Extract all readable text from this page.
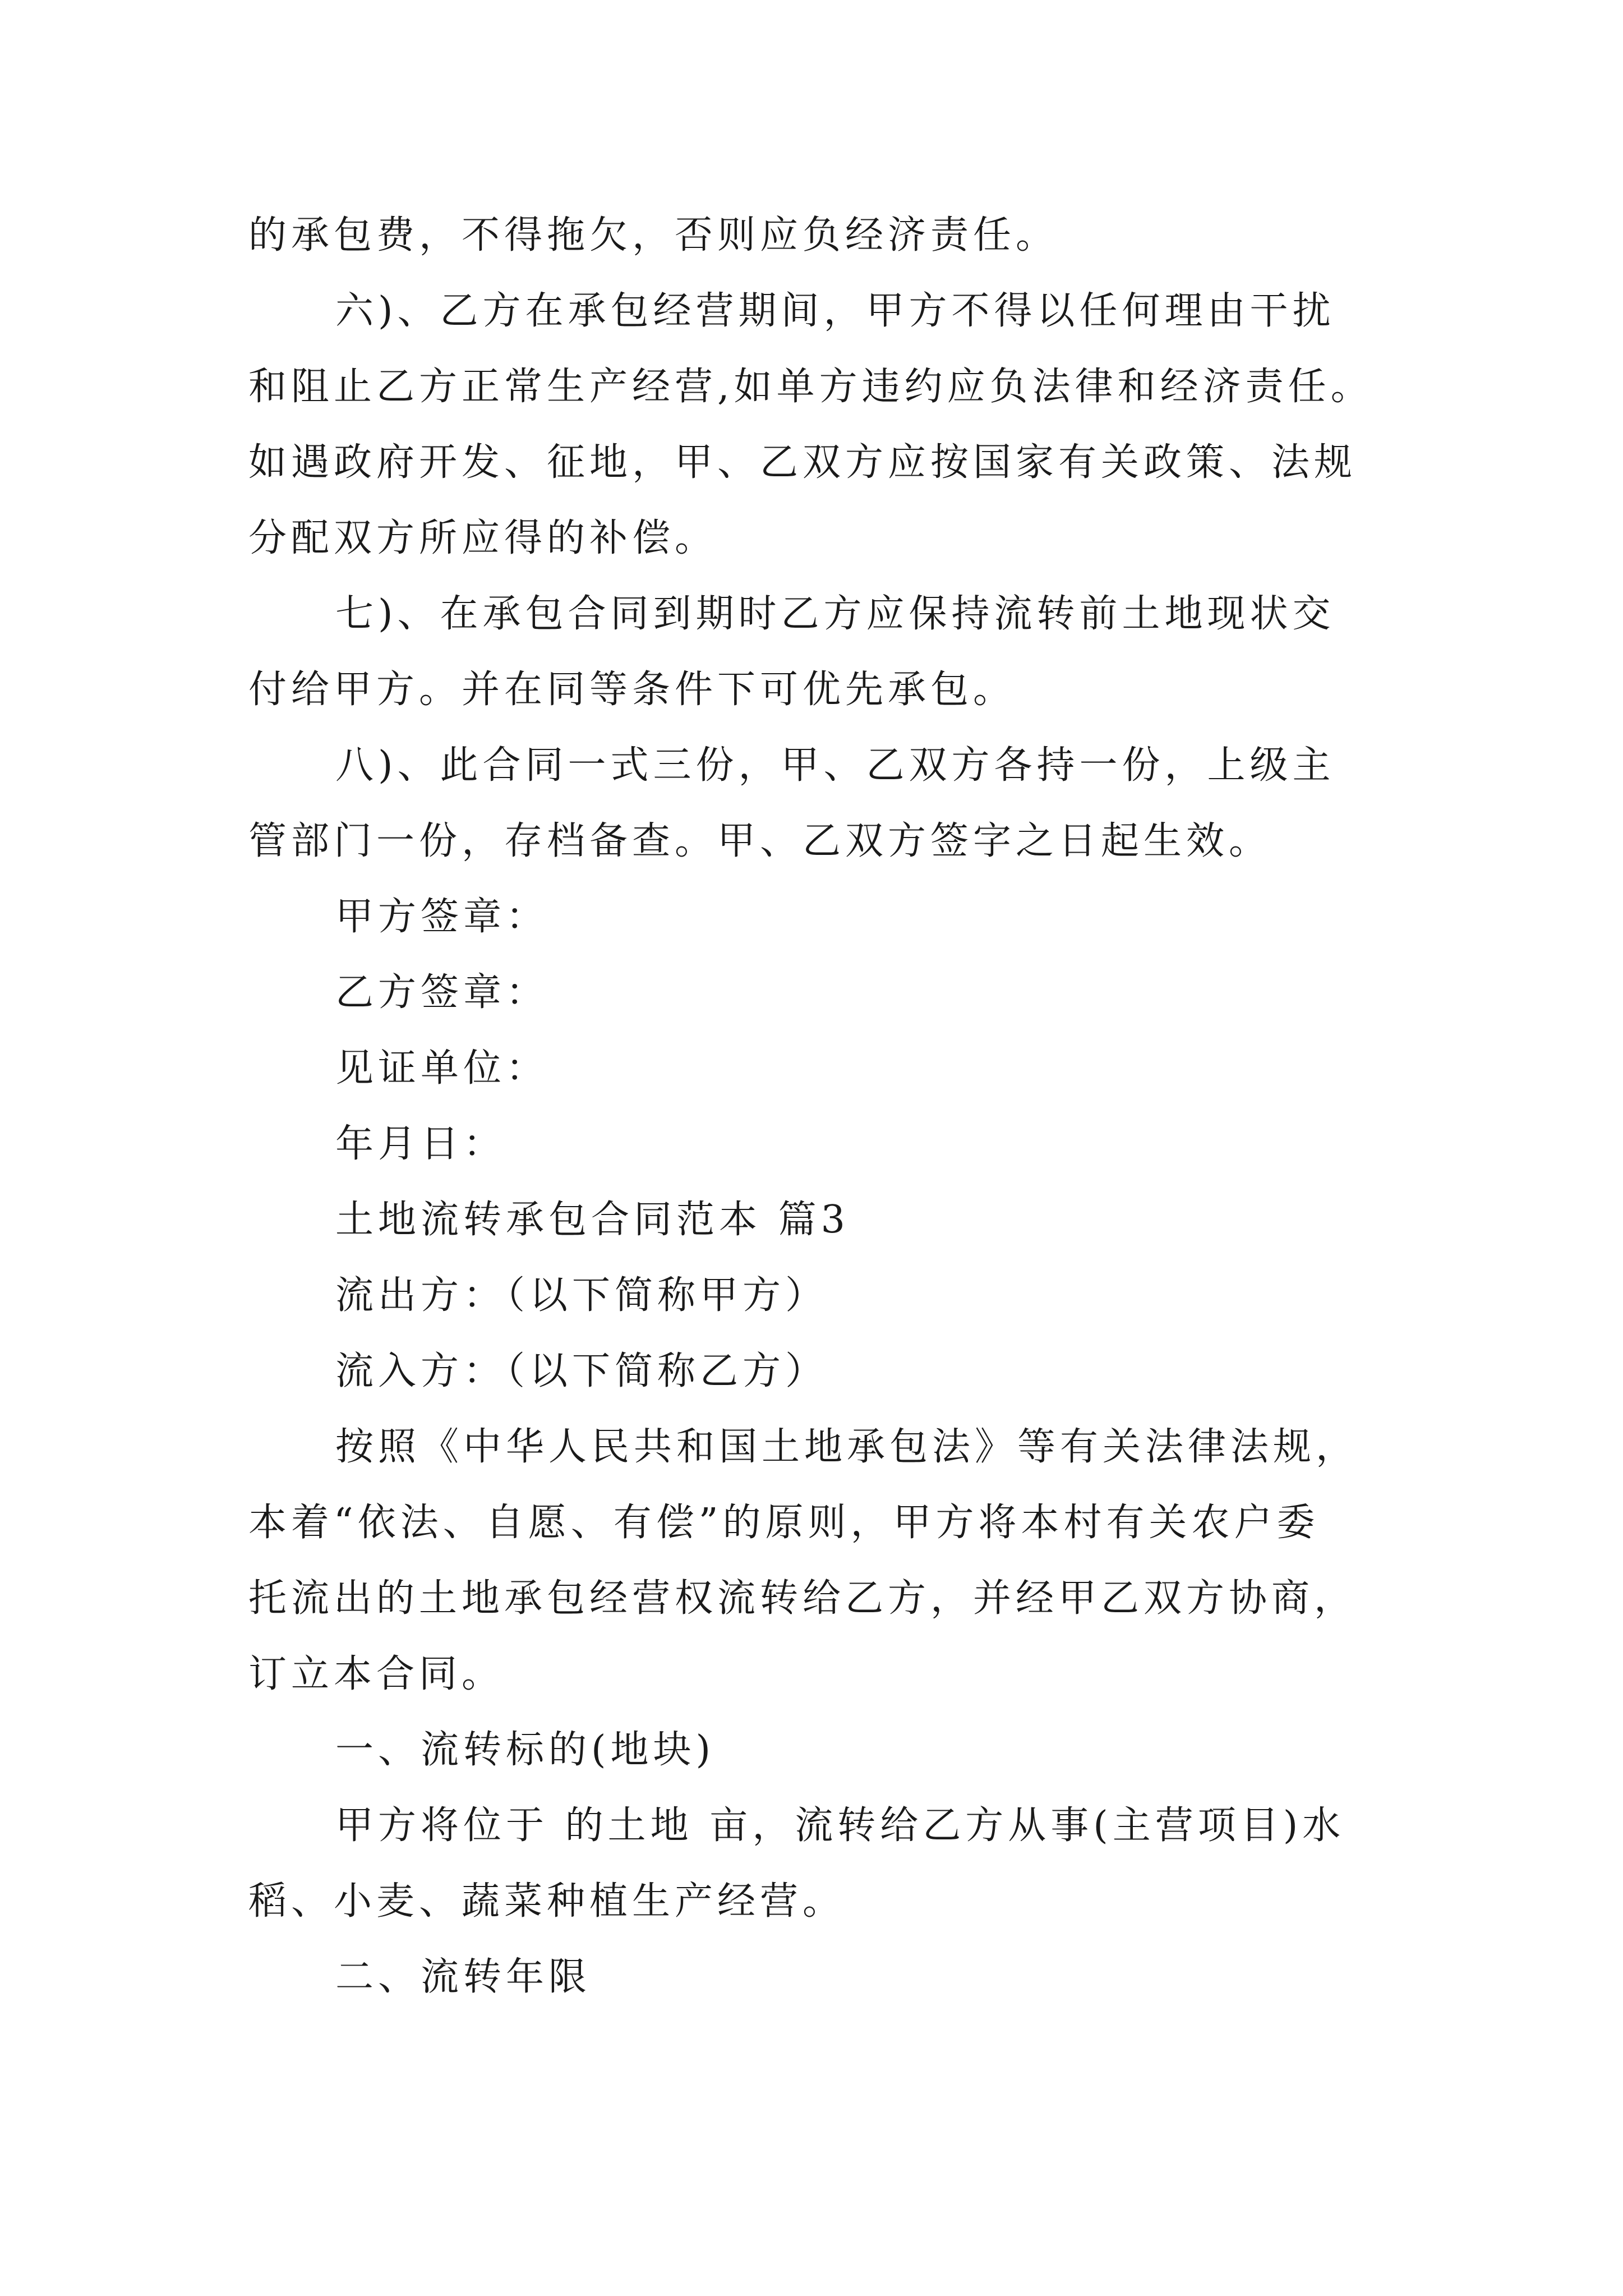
的承包费，不得拖欠，否则应负经济责任。
六)、乙方在承包经营期间，甲方不得以任何理由干扰
和阻止乙方正常生产经营,如单方违约应负法律和经济责任。
如遇政府开发、征地，甲、乙双方应按国家有关政策、法规
分配双方所应得的补偿。
七)、在承包合同到期时乙方应保持流转前土地现状交
付给甲方。并在同等条件下可优先承包。
八)、此合同一式三份，甲、乙双方各持一份，上级主
管部门一份，存档备查。甲、乙双方签字之日起生效。
甲方签章：
乙方签章：
见证单位：
年月日：
土地流转承包合同范本 篇3
流出方：（以下简称甲方）
流入方：（以下简称乙方）
按照《中华人民共和国土地承包法》等有关法律法规，
本着“依法、自愿、有偿”的原则，甲方将本村有关农户委
托流出的土地承包经营权流转给乙方，并经甲乙双方协商，
订立本合同。
一、流转标的(地块)
甲方将位于 的土地 亩，流转给乙方从事(主营项目)水
稻、小麦、蔬菜种植生产经营。
二、流转年限
